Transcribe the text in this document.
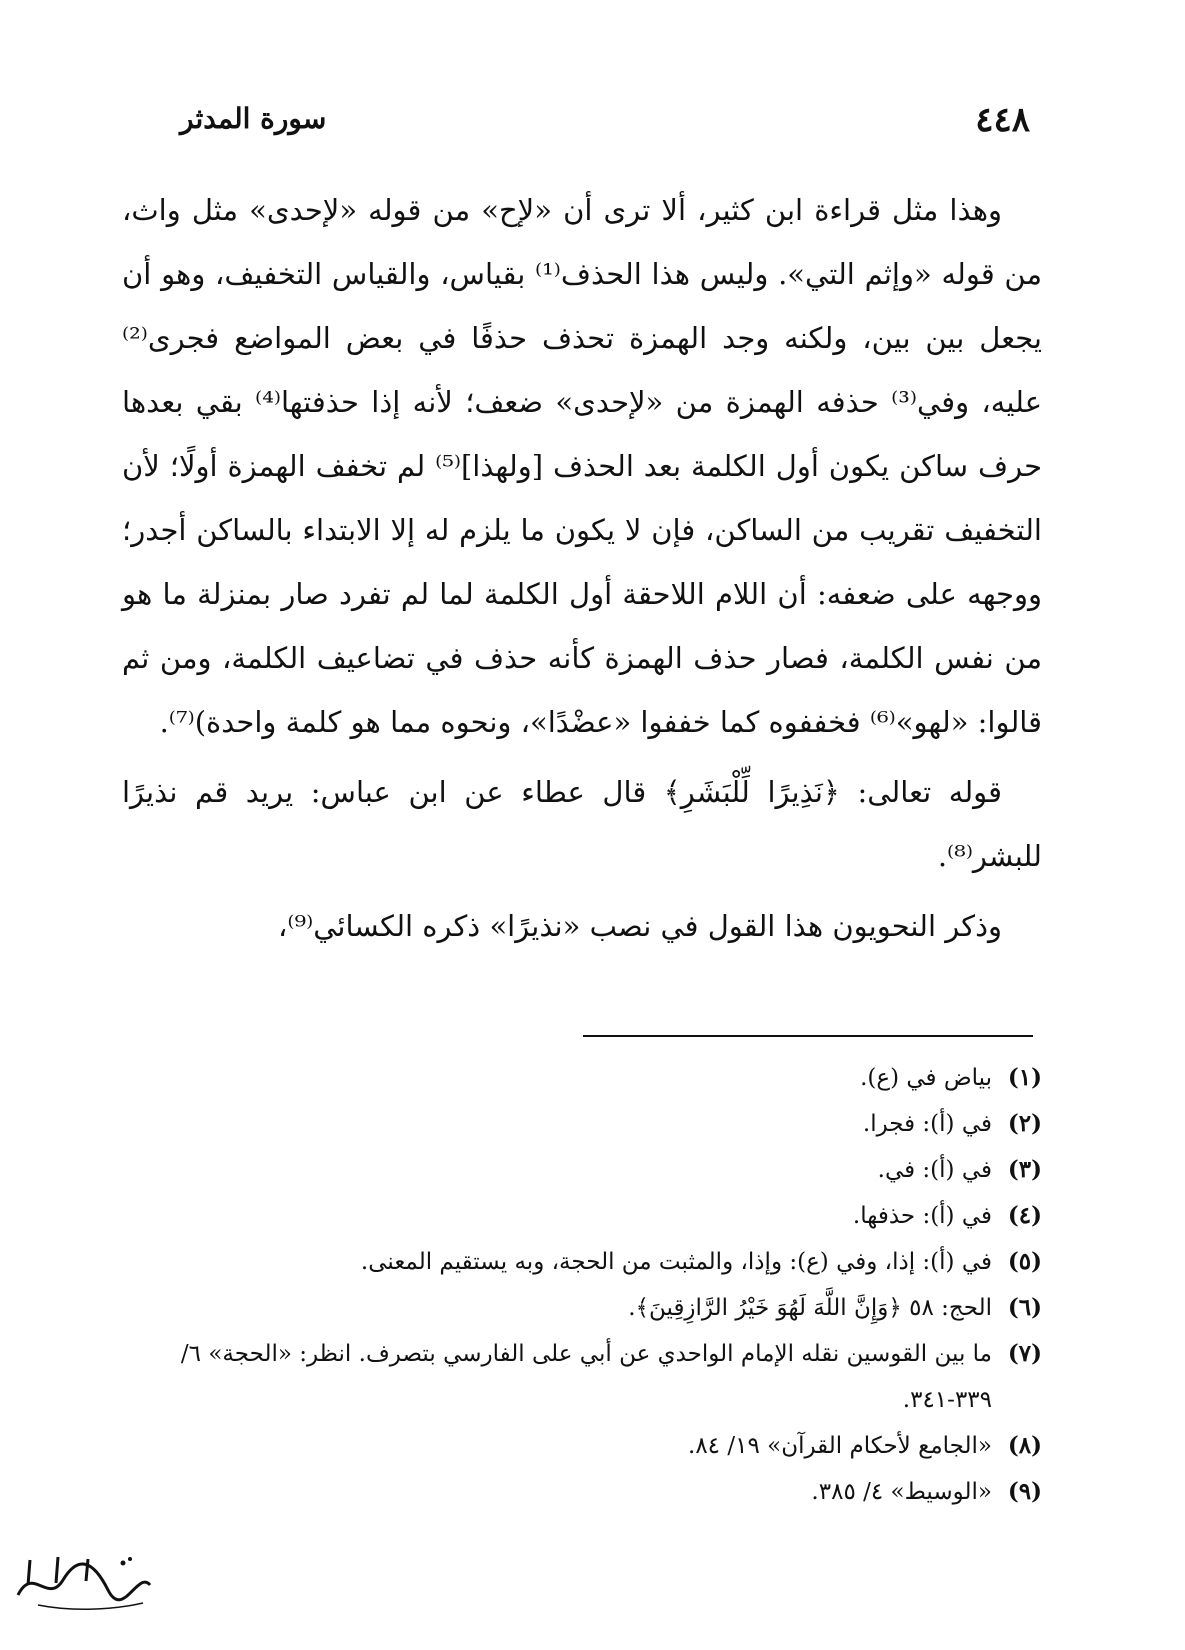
٤٤٨
سورة المدثر

وهذا مثل قراءة ابن كثير، ألا ترى أن «لإح» من قوله «لإحدى» مثل واث، من قوله «وإثم التي». وليس هذا الحذف⁽¹⁾ بقياس، والقياس التخفيف، وهو أن يجعل بين بين، ولكنه وجد الهمزة تحذف حذفًا في بعض المواضع فجرى⁽²⁾ عليه، وفي⁽³⁾ حذفه الهمزة من «لإحدى» ضعف؛ لأنه إذا حذفتها⁽⁴⁾ بقي بعدها حرف ساكن يكون أول الكلمة بعد الحذف [ولهذا]⁽⁵⁾ لم تخفف الهمزة أولًا؛ لأن التخفيف تقريب من الساكن، فإن لا يكون ما يلزم له إلا الابتداء بالساكن أجدر؛ ووجهه على ضعفه: أن اللام اللاحقة أول الكلمة لما لم تفرد صار بمنزلة ما هو من نفس الكلمة، فصار حذف الهمزة كأنه حذف في تضاعيف الكلمة، ومن ثم قالوا: «لهو»⁽⁶⁾ فخففوه كما خففوا «عضْدًا»، ونحوه مما هو كلمة واحدة)⁽⁷⁾.

قوله تعالى: ﴿نَذِيرًا لِّلْبَشَرِ﴾ قال عطاء عن ابن عباس: يريد قم نذيرًا للبشر⁽⁸⁾.

وذكر النحويون هذا القول في نصب «نذيرًا» ذكره الكسائي⁽⁹⁾،

(١)بياض في (ع).

(٢)في (أ): فجرا.

(٣)في (أ): في.

(٤)في (أ): حذفها.

(٥)في (أ): إذا، وفي (ع): وإذا، والمثبت من الحجة، وبه يستقيم المعنى.

(٦)الحج: ٥٨ ﴿وَإِنَّ اللَّهَ لَهُوَ خَيْرُ الرَّازِقِينَ﴾.

(٧)ما بين القوسين نقله الإمام الواحدي عن أبي على الفارسي بتصرف. انظر: «الحجة» ٦/ ٣٣٩-٣٤١.

(٨)«الجامع لأحكام القرآن» ١٩/ ٨٤.

(٩)«الوسيط» ٤/ ٣٨٥.
